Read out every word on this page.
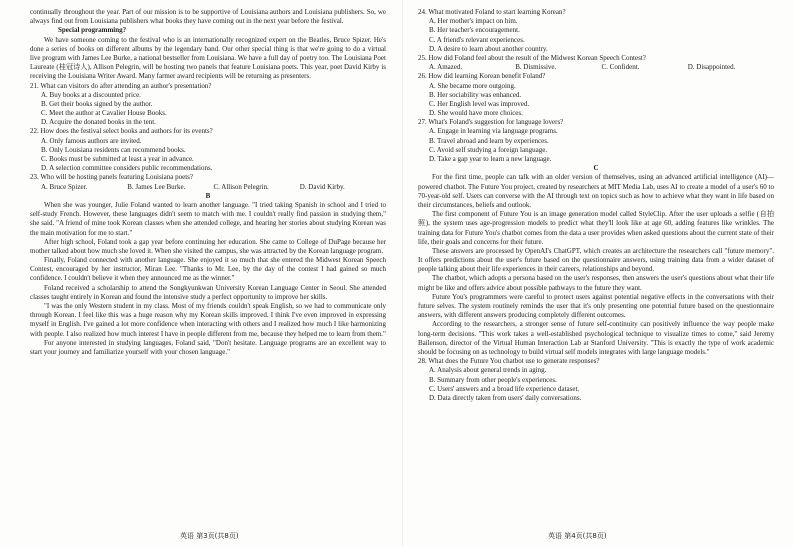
continually throughout the year. Part of our mission is to be supportive of Louisiana authors and Louisiana publishers. So, we always find out from Louisiana publishers what books they have coming out in the next year before the festival.

Special programming?

We have someone coming to the festival who is an internationally recognized expert on the Beatles, Bruce Spizer. He's done a series of books on different albums by the legendary band. Our other special thing is that we're going to do a virtual live program with James Lee Burke, a national bestseller from Louisiana. We have a full day of poetry too. The Louisiana Poet Laureate (桂冠诗人), Allison Pelegrin, will be hosting two panels that feature Louisiana poets. This year, poet David Kirby is receiving the Louisiana Writer Award. Many farmer award recipients will be returning as presenters.

21. What can visitors do after attending an author's presentation?

A. Buy books at a discounted price.

B. Get their books signed by the author.

C. Meet the author at Cavalier House Books.

D. Acquire the donated books in the tent.

22. How does the festival select books and authors for its events?

A. Only famous authors are invited.

B. Only Louisiana residents can recommend books.

C. Books must be submitted at least a year in advance.

D. A selection committee considers public recommendations.

23. Who will be hosting panels featuring Louisiana poets?

A. Bruce Spizer.	B. James Lee Burke.	C. Allison Pelegrin.	D. David Kirby.

B

When she was younger, Julie Foland wanted to learn another language. "I tried taking Spanish in school and I tried to self-study French. However, these languages didn't seem to match with me. I couldn't really find passion in studying them," she said. "A friend of mine took Korean classes when she attended college, and hearing her stories about studying Korean was the main motivation for me to start."

After high school, Foland took a gap year before continuing her education. She came to College of DuPage because her mother talked about how much she loved it. When she visited the campus, she was attracted by the Korean language program.

Finally, Foland connected with another language. She enjoyed it so much that she entered the Midwest Korean Speech Contest, encouraged by her instructor, Miran Lee. "Thanks to Mr. Lee, by the day of the contest I had gained so much confidence. I couldn't believe it when they announced me as the winner."

Foland received a scholarship to attend the Songkyunkwan University Korean Language Center in Seoul. She attended classes taught entirely in Korean and found the intensive study a perfect opportunity to improve her skills.

"I was the only Western student in my class. Most of my friends couldn't speak English, so we had to communicate only through Korean. I feel like this was a huge reason why my Korean skills improved. I think I've even improved in expressing myself in English. I've gained a lot more confidence when interacting with others and I realized how much I like harmonizing with people. I also realized how much interest I have in people different from me, because they helped me to learn from them."

For anyone interested in studying languages, Foland said, "Don't hesitate. Language programs are an excellent way to start your journey and familiarize yourself with your chosen language."

24. What motivated Foland to start learning Korean?

A. Her mother's impact on him.

B. Her teacher's encouragement.

C. A friend's relevant experiences.

D. A desire to learn about another country.

25. How did Foland feel about the result of the Midwest Korean Speech Contest?

A. Amazed.	B. Dismissive.	C. Confident.	D. Disappointed.

26. How did learning Korean benefit Foland?

A. She became more outgoing.

B. Her sociability was enhanced.

C. Her English level was improved.

D. She would have more choices.

27. What's Foland's suggestion for language lovers?

A. Engage in learning via language programs.

B. Travel abroad and learn by experiences.

C. Avoid self studying a foreign language.

D. Take a gap year to learn a new language.

C

For the first time, people can talk with an older version of themselves, using an advanced artificial intelligence (AI)—powered chatbot. The Future You project, created by researchers at MIT Media Lab, uses AI to create a model of a user's 60 to 70-year-old self. Users can converse with the AI through text on topics such as how to achieve what they want in life based on their circumstances, beliefs and outlook.

The first component of Future You is an image generation model called StyleClip. After the user uploads a selfie (自拍照), the system uses age-progression models to predict what they'll look like at age 60, adding features like wrinkles. The training data for Future You's chatbot comes from the data a user provides when asked questions about the current state of their life, their goals and concerns for their future.

These answers are processed by OpenAI's ChatGPT, which creates an architecture the researchers call "future memory". It offers predictions about the user's future based on the questionnaire answers, using training data from a wider dataset of people talking about their life experiences in their careers, relationships and beyond.

The chatbot, which adopts a persona based on the user's responses, then answers the user's questions about what their life might be like and offers advice about possible pathways to the future they want.

Future You's programmers were careful to protect users against potential negative effects in the conversations with their future selves. The system routinely reminds the user that it's only presenting one potential future based on the questionnaire answers, with different answers producing completely different outcomes.

According to the researchers, a stronger sense of future self-continuity can positively influence the way people make long-term decisions. "This work takes a well-established psychological technique to visualize times to come," said Jeremy Bailenson, director of the Virtual Human Interaction Lab at Stanford University. "This is exactly the type of work academic should be focusing on as technology to build virtual self models integrates with large language models."

28. What does the Future You chatbot use to generate responses?

A. Analysis about general trends in aging.

B. Summary from other people's experiences.

C. Users' answers and a broad life experience dataset.

D. Data directly taken from users' daily conversations.

英语 第3页(共8页)	英语 第4页(共8页)
